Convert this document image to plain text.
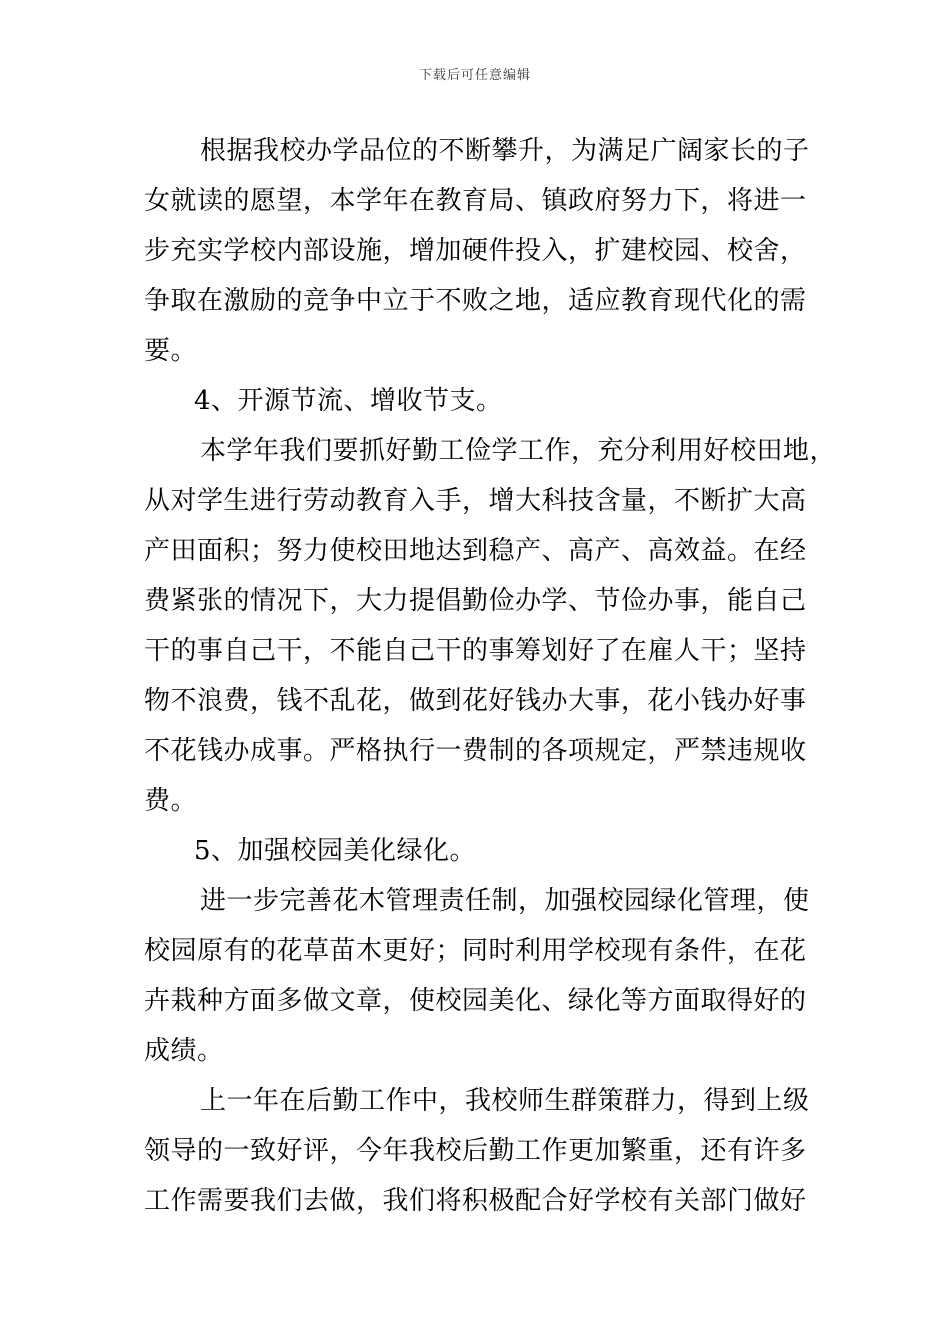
下载后可任意编辑
根据我校办学品位的不断攀升，为满足广阔家长的子
女就读的愿望，本学年在教育局、镇政府努力下，将进一
步充实学校内部设施，增加硬件投入，扩建校园、校舍，
争取在激励的竞争中立于不败之地，适应教育现代化的需
要。
4、开源节流、增收节支。
本学年我们要抓好勤工俭学工作，充分利用好校田地，
从对学生进行劳动教育入手，增大科技含量，不断扩大高
产田面积；努力使校田地达到稳产、高产、高效益。在经
费紧张的情况下，大力提倡勤俭办学、节俭办事，能自己
干的事自己干，不能自己干的事筹划好了在雇人干；坚持
物不浪费，钱不乱花，做到花好钱办大事，花小钱办好事
不花钱办成事。严格执行一费制的各项规定，严禁违规收
费。
5、加强校园美化绿化。
进一步完善花木管理责任制，加强校园绿化管理，使
校园原有的花草苗木更好；同时利用学校现有条件，在花
卉栽种方面多做文章，使校园美化、绿化等方面取得好的
成绩。
上一年在后勤工作中，我校师生群策群力，得到上级
领导的一致好评，今年我校后勤工作更加繁重，还有许多
工作需要我们去做，我们将积极配合好学校有关部门做好
